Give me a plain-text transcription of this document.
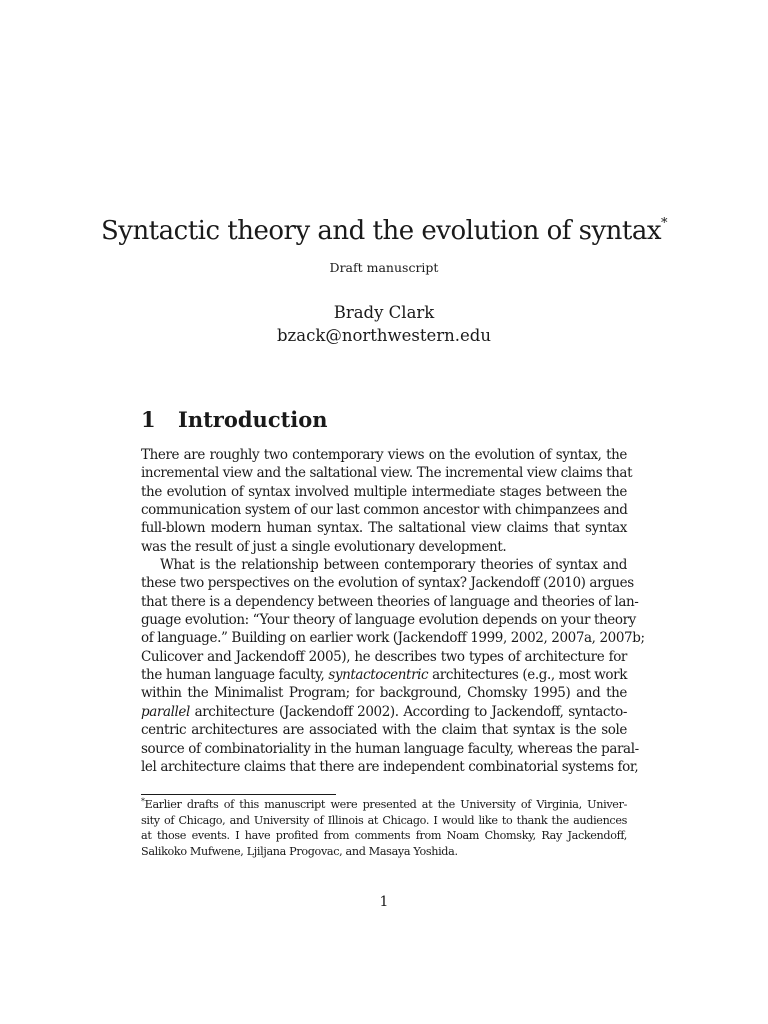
Syntactic theory and the evolution of syntax*
Draft manuscript
Brady Clark
bzack@northwestern.edu
1 Introduction
There are roughly two contemporary views on the evolution of syntax, the
incremental view and the saltational view. The incremental view claims that
the evolution of syntax involved multiple intermediate stages between the
communication system of our last common ancestor with chimpanzees and
full-blown modern human syntax. The saltational view claims that syntax
was the result of just a single evolutionary development.
What is the relationship between contemporary theories of syntax and
these two perspectives on the evolution of syntax? Jackendoff (2010) argues
that there is a dependency between theories of language and theories of lan-
guage evolution: “Your theory of language evolution depends on your theory
of language.” Building on earlier work (Jackendoff 1999, 2002, 2007a, 2007b;
Culicover and Jackendoff 2005), he describes two types of architecture for
the human language faculty, syntactocentric architectures (e.g., most work
within the Minimalist Program; for background, Chomsky 1995) and the
parallel architecture (Jackendoff 2002). According to Jackendoff, syntacto-
centric architectures are associated with the claim that syntax is the sole
source of combinatoriality in the human language faculty, whereas the paral-
lel architecture claims that there are independent combinatorial systems for,
*Earlier drafts of this manuscript were presented at the University of Virginia, Univer-
sity of Chicago, and University of Illinois at Chicago. I would like to thank the audiences
at those events. I have profited from comments from Noam Chomsky, Ray Jackendoff,
Salikoko Mufwene, Ljiljana Progovac, and Masaya Yoshida.
1
